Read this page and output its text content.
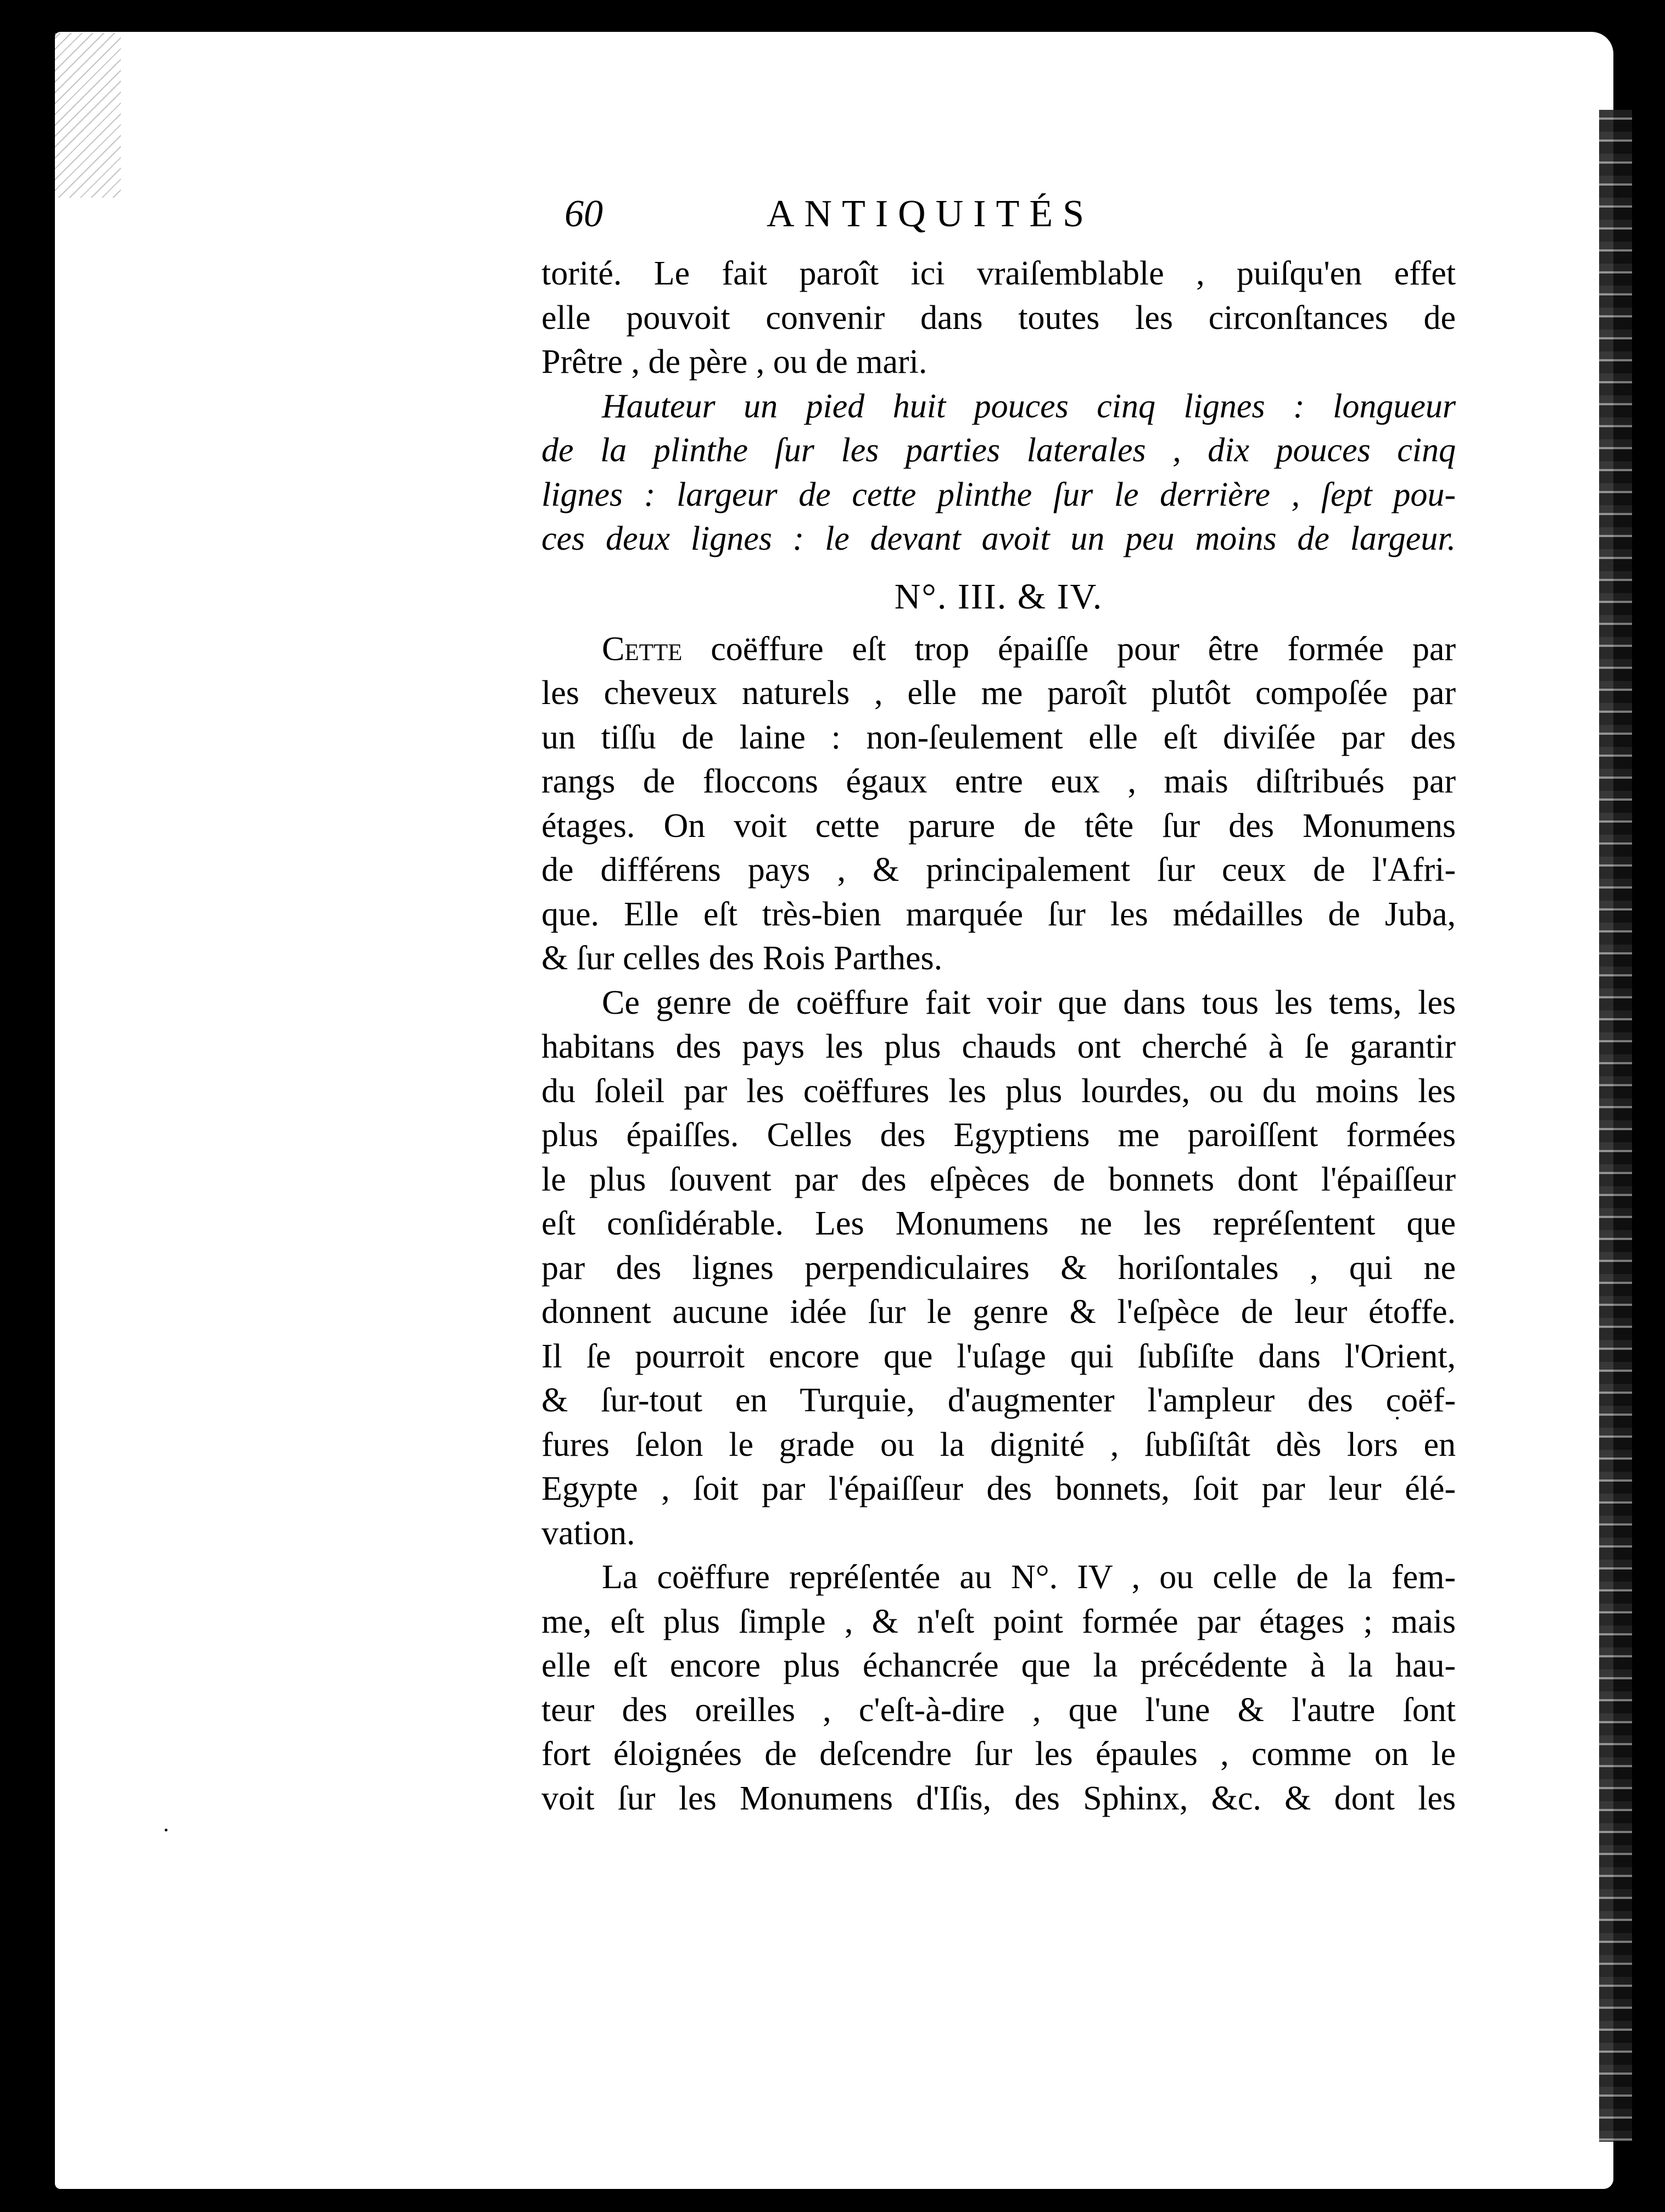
60	ANTIQUITÉS
torité. Le fait paroît ici vraiſemblable , puiſqu'en effet
elle pouvoit convenir dans toutes les circonſtances de
Prêtre , de père , ou de mari.
Hauteur un pied huit pouces cinq lignes : longueur
de la plinthe ſur les parties laterales , dix pouces cinq
lignes : largeur de cette plinthe ſur le derrière , ſept pou-
ces deux lignes : le devant avoit un peu moins de largeur.
N°. III. & IV.
Cette coëffure eſt trop épaiſſe pour être formée par
les cheveux naturels , elle me paroît plutôt compoſée par
un tiſſu de laine : non-ſeulement elle eſt diviſée par des
rangs de floccons égaux entre eux , mais diſtribués par
étages. On voit cette parure de tête ſur des Monumens
de différens pays , & principalement ſur ceux de l'Afri-
que. Elle eſt très-bien marquée ſur les médailles de Juba,
& ſur celles des Rois Parthes.
Ce genre de coëffure fait voir que dans tous les tems, les
habitans des pays les plus chauds ont cherché à ſe garantir
du ſoleil par les coëffures les plus lourdes, ou du moins les
plus épaiſſes. Celles des Egyptiens me paroiſſent formées
le plus ſouvent par des eſpèces de bonnets dont l'épaiſſeur
eſt conſidérable. Les Monumens ne les repréſentent que
par des lignes perpendiculaires & horiſontales , qui ne
donnent aucune idée ſur le genre & l'eſpèce de leur étoffe.
Il ſe pourroit encore que l'uſage qui ſubſiſte dans l'Orient,
& ſur-tout en Turquie, d'augmenter l'ampleur des coëf-
fures ſelon le grade ou la dignité , ſubſiſtât dès lors en
Egypte , ſoit par l'épaiſſeur des bonnets, ſoit par leur élé-
vation.
La coëffure repréſentée au N°. IV , ou celle de la fem-
me, eſt plus ſimple , & n'eſt point formée par étages ; mais
elle eſt encore plus échancrée que la précédente à la hau-
teur des oreilles , c'eſt-à-dire , que l'une & l'autre ſont
fort éloignées de deſcendre ſur les épaules , comme on le
voit ſur les Monumens d'Iſis, des Sphinx, &c. & dont les
